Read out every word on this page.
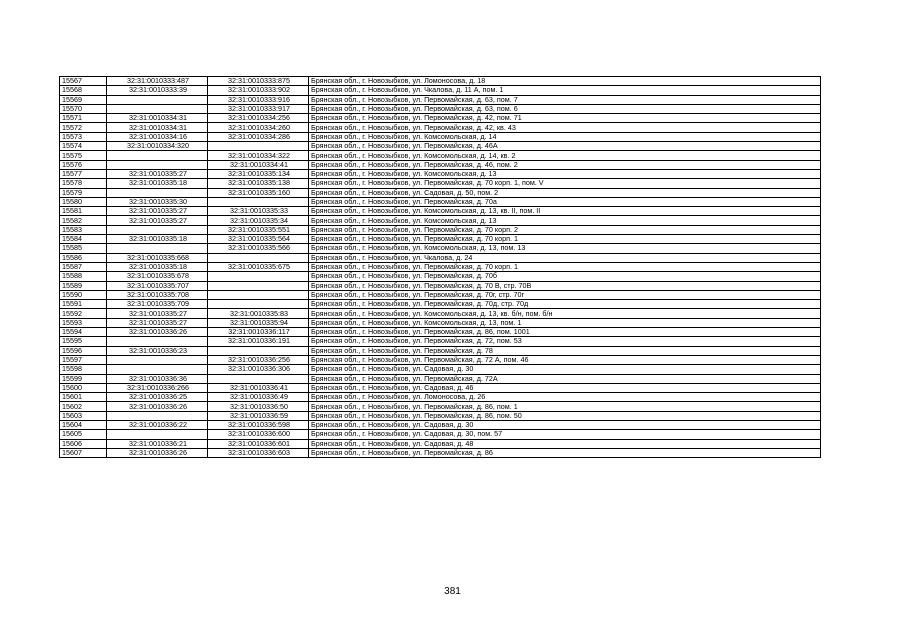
15567	32:31:0010333:487	32:31:0010333:875	Брянская обл., г. Новозыбков, ул. Ломоносова, д. 18
15568	32:31:0010333:39	32:31:0010333:902	Брянская обл., г. Новозыбков, ул. Чкалова, д. 11 А, пом. 1
15569		32:31:0010333:916	Брянская обл., г. Новозыбков, ул. Первомайская, д. 63, пом. 7
15570		32:31:0010333:917	Брянская обл., г. Новозыбков, ул. Первомайская, д. 63, пом. 6
15571	32:31:0010334:31	32:31:0010334:256	Брянская обл., г. Новозыбков, ул. Первомайская, д. 42, пом. 71
15572	32:31:0010334:31	32:31:0010334:260	Брянская обл., г. Новозыбков, ул. Первомайская, д. 42, кв. 43
15573	32:31:0010334:16	32:31:0010334:286	Брянская обл., г. Новозыбков, ул. Комсомольская, д. 14
15574	32:31:0010334:320		Брянская обл., г. Новозыбков, ул. Первомайская, д. 46А
15575		32:31:0010334:322	Брянская обл., г. Новозыбков, ул. Комсомольская, д. 14, кв. 2
15576		32:31:0010334:41	Брянская обл., г. Новозыбков, ул. Первомайская, д. 46, пом. 2
15577	32:31:0010335:27	32:31:0010335:134	Брянская обл., г. Новозыбков, ул. Комсомольская, д. 13
15578	32:31:0010335:18	32:31:0010335:138	Брянская обл., г. Новозыбков, ул. Первомайская, д. 70 корп. 1, пом. V
15579		32:31:0010335:160	Брянская обл., г. Новозыбков, ул. Садовая, д. 50, пом. 2
15580	32:31:0010335:30		Брянская обл., г. Новозыбков, ул. Первомайская, д. 70а
15581	32:31:0010335:27	32:31:0010335:33	Брянская обл., г. Новозыбков, ул. Комсомольская, д. 13, кв. II, пом. II
15582	32:31:0010335:27	32:31:0010335:34	Брянская обл., г. Новозыбков, ул. Комсомольская, д. 13
15583		32:31:0010335:551	Брянская обл., г. Новозыбков, ул. Первомайская, д. 70 корп. 2
15584	32:31:0010335:18	32:31:0010335:564	Брянская обл., г. Новозыбков, ул. Первомайская, д. 70 корп. 1
15585		32:31:0010335:566	Брянская обл., г. Новозыбков, ул. Комсомольская, д. 13, пом. 13
15586	32:31:0010335:668		Брянская обл., г. Новозыбков, ул. Чкалова, д. 24
15587	32:31:0010335:18	32:31:0010335:675	Брянская обл., г. Новозыбков, ул. Первомайская, д. 70 корп. 1
15588	32:31:0010335:678		Брянская обл., г. Новозыбков, ул. Первомайская, д. 70б
15589	32:31:0010335:707		Брянская обл., г. Новозыбков, ул. Первомайская, д. 70 В, стр. 70В
15590	32:31:0010335:708		Брянская обл., г. Новозыбков, ул. Первомайская, д. 70г, стр. 70г
15591	32:31:0010335:709		Брянская обл., г. Новозыбков, ул. Первомайская, д. 70д, стр. 70д
15592	32:31:0010335:27	32:31:0010335:83	Брянская обл., г. Новозыбков, ул. Комсомольская, д. 13, кв. б/н, пом. б/н
15593	32:31:0010335:27	32:31:0010335:94	Брянская обл., г. Новозыбков, ул. Комсомольская, д. 13, пом. 1
15594	32:31:0010336:26	32:31:0010336:117	Брянская обл., г. Новозыбков, ул. Первомайская, д. 86, пом. 1001
15595		32:31:0010336:191	Брянская обл., г. Новозыбков, ул. Первомайская, д. 72, пом. 53
15596	32:31:0010336:23		Брянская обл., г. Новозыбков, ул. Первомайская, д. 78
15597		32:31:0010336:256	Брянская обл., г. Новозыбков, ул. Первомайская, д. 72 А, пом. 46
15598		32:31:0010336:306	Брянская обл., г. Новозыбков, ул. Садовая, д. 30
15599	32:31:0010336:36		Брянская обл., г. Новозыбков, ул. Первомайская, д. 72А
15600	32:31:0010336:266	32:31:0010336:41	Брянская обл., г. Новозыбков, ул. Садовая, д. 46
15601	32:31:0010336:25	32:31:0010336:49	Брянская обл., г. Новозыбков, ул. Ломоносова, д. 26
15602	32:31:0010336:26	32:31:0010336:50	Брянская обл., г. Новозыбков, ул. Первомайская, д. 86, пом. 1
15603		32:31:0010336:59	Брянская обл., г. Новозыбков, ул. Первомайская, д. 86, пом. 50
15604	32:31:0010336:22	32:31:0010336:598	Брянская обл., г. Новозыбков, ул. Садовая, д. 30
15605		32:31:0010336:600	Брянская обл., г. Новозыбков, ул. Садовая, д. 30, пом. 57
15606	32:31:0010336:21	32:31:0010336:601	Брянская обл., г. Новозыбков, ул. Садовая, д. 48
15607	32:31:0010336:26	32:31:0010336:603	Брянская обл., г. Новозыбков, ул. Первомайская, д. 86
381
